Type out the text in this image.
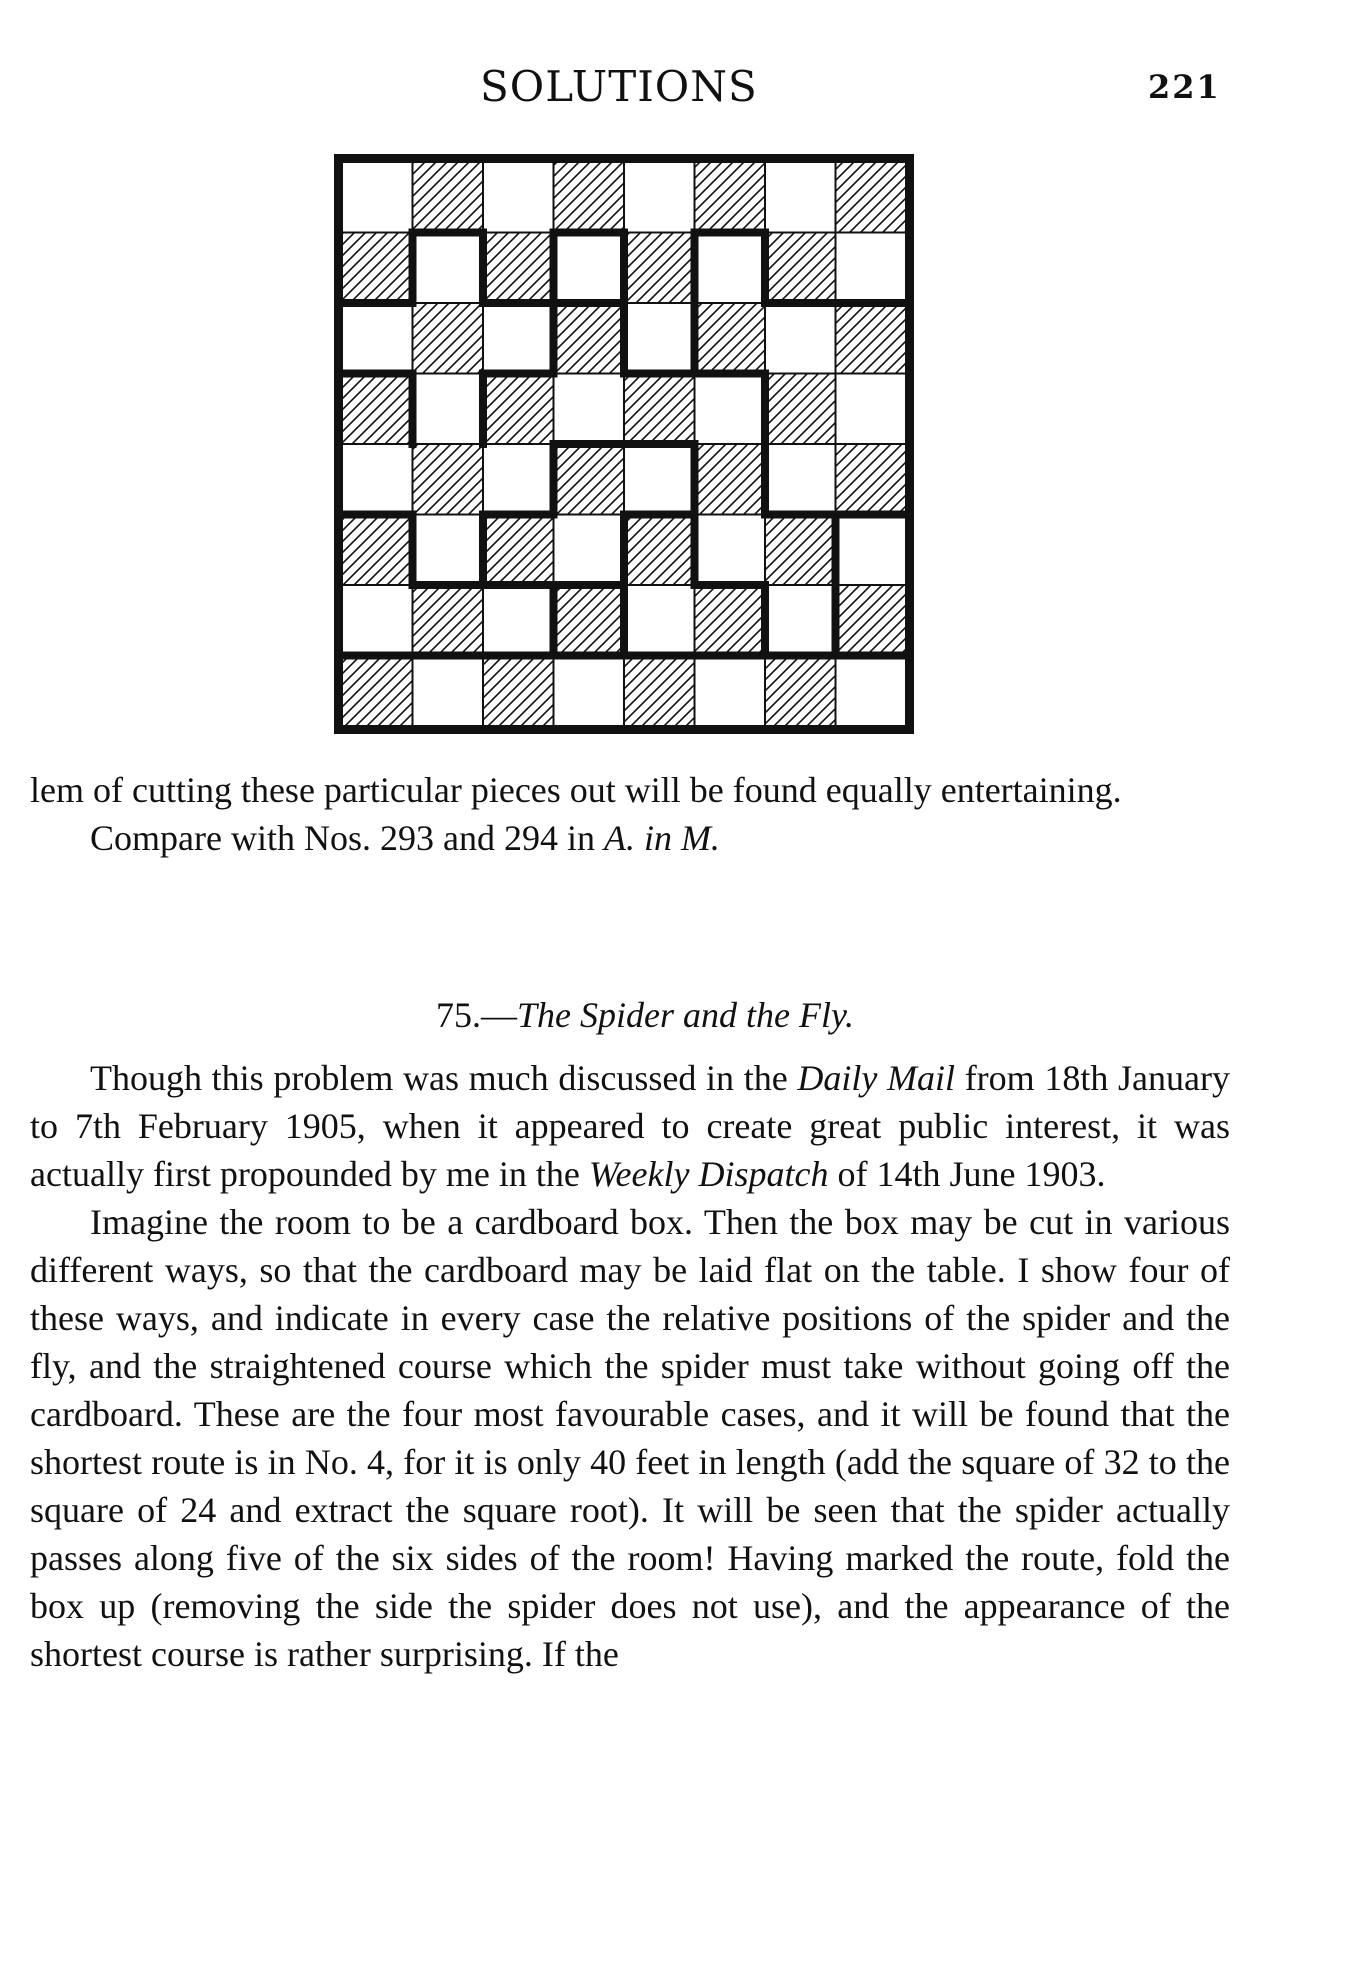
SOLUTIONS	221

lem of cutting these particular pieces out will be found equally entertaining.

Compare with Nos. 293 and 294 in A. in M.

75.—The Spider and the Fly.

Though this problem was much discussed in the Daily Mail from 18th January to 7th February 1905, when it appeared to create great public interest, it was actually first propounded by me in the Weekly Dispatch of 14th June 1903.

Imagine the room to be a cardboard box. Then the box may be cut in various different ways, so that the cardboard may be laid flat on the table. I show four of these ways, and indicate in every case the relative positions of the spider and the fly, and the straightened course which the spider must take without going off the cardboard. These are the four most favourable cases, and it will be found that the shortest route is in No. 4, for it is only 40 feet in length (add the square of 32 to the square of 24 and extract the square root). It will be seen that the spider actually passes along five of the six sides of the room! Having marked the route, fold the box up (removing the side the spider does not use), and the appearance of the shortest course is rather surprising. If the
